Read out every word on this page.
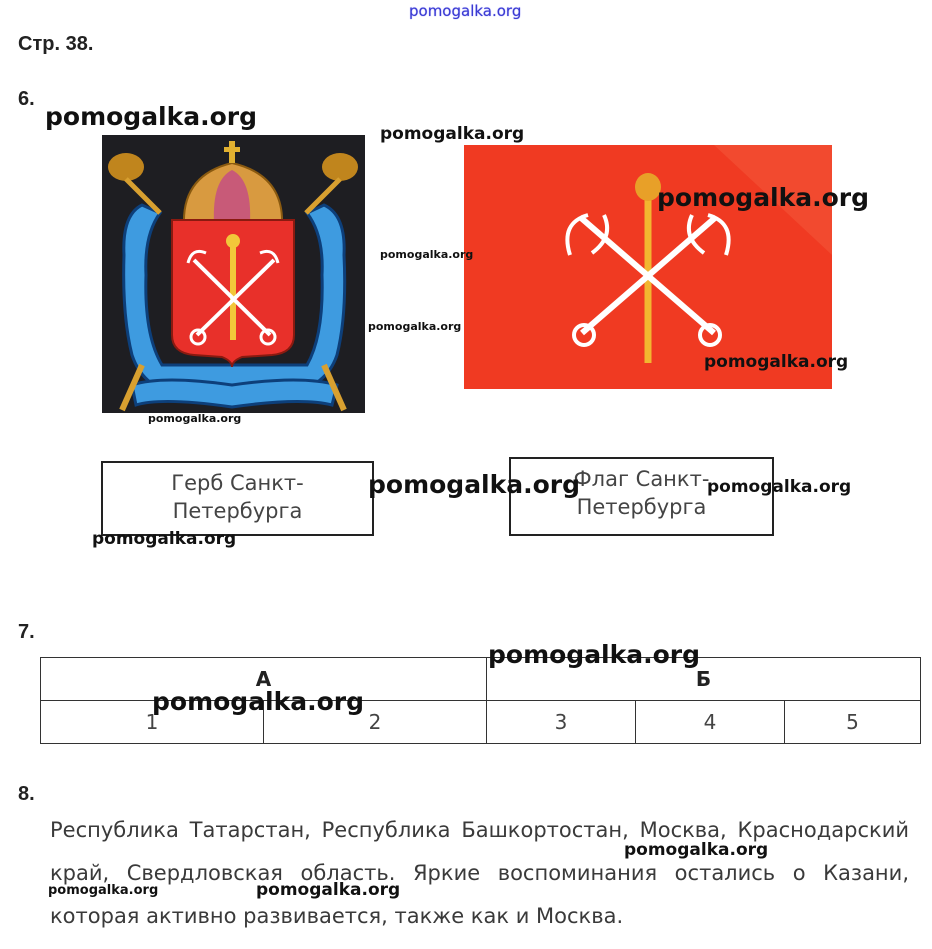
pomogalka.org
Стр. 38.
6.
Герб Санкт-
Петербурга
Флаг Санкт-
Петербурга
7.
А		Б		
1	2	3	4	5
8.
Республика Татарстан, Республика Башкортостан, Москва, Краснодарский край, Свердловская область. Яркие воспоминания остались о Казани, которая активно развивается, также как и Москва.
pomogalka.org
pomogalka.org
pomogalka.org
pomogalka.org
pomogalka.org
pomogalka.org
pomogalka.org
pomogalka.org	pomogalka.org
pomogalka.org
pomogalka.org
pomogalka.org
pomogalka.org
pomogalka.org	pomogalka.org
